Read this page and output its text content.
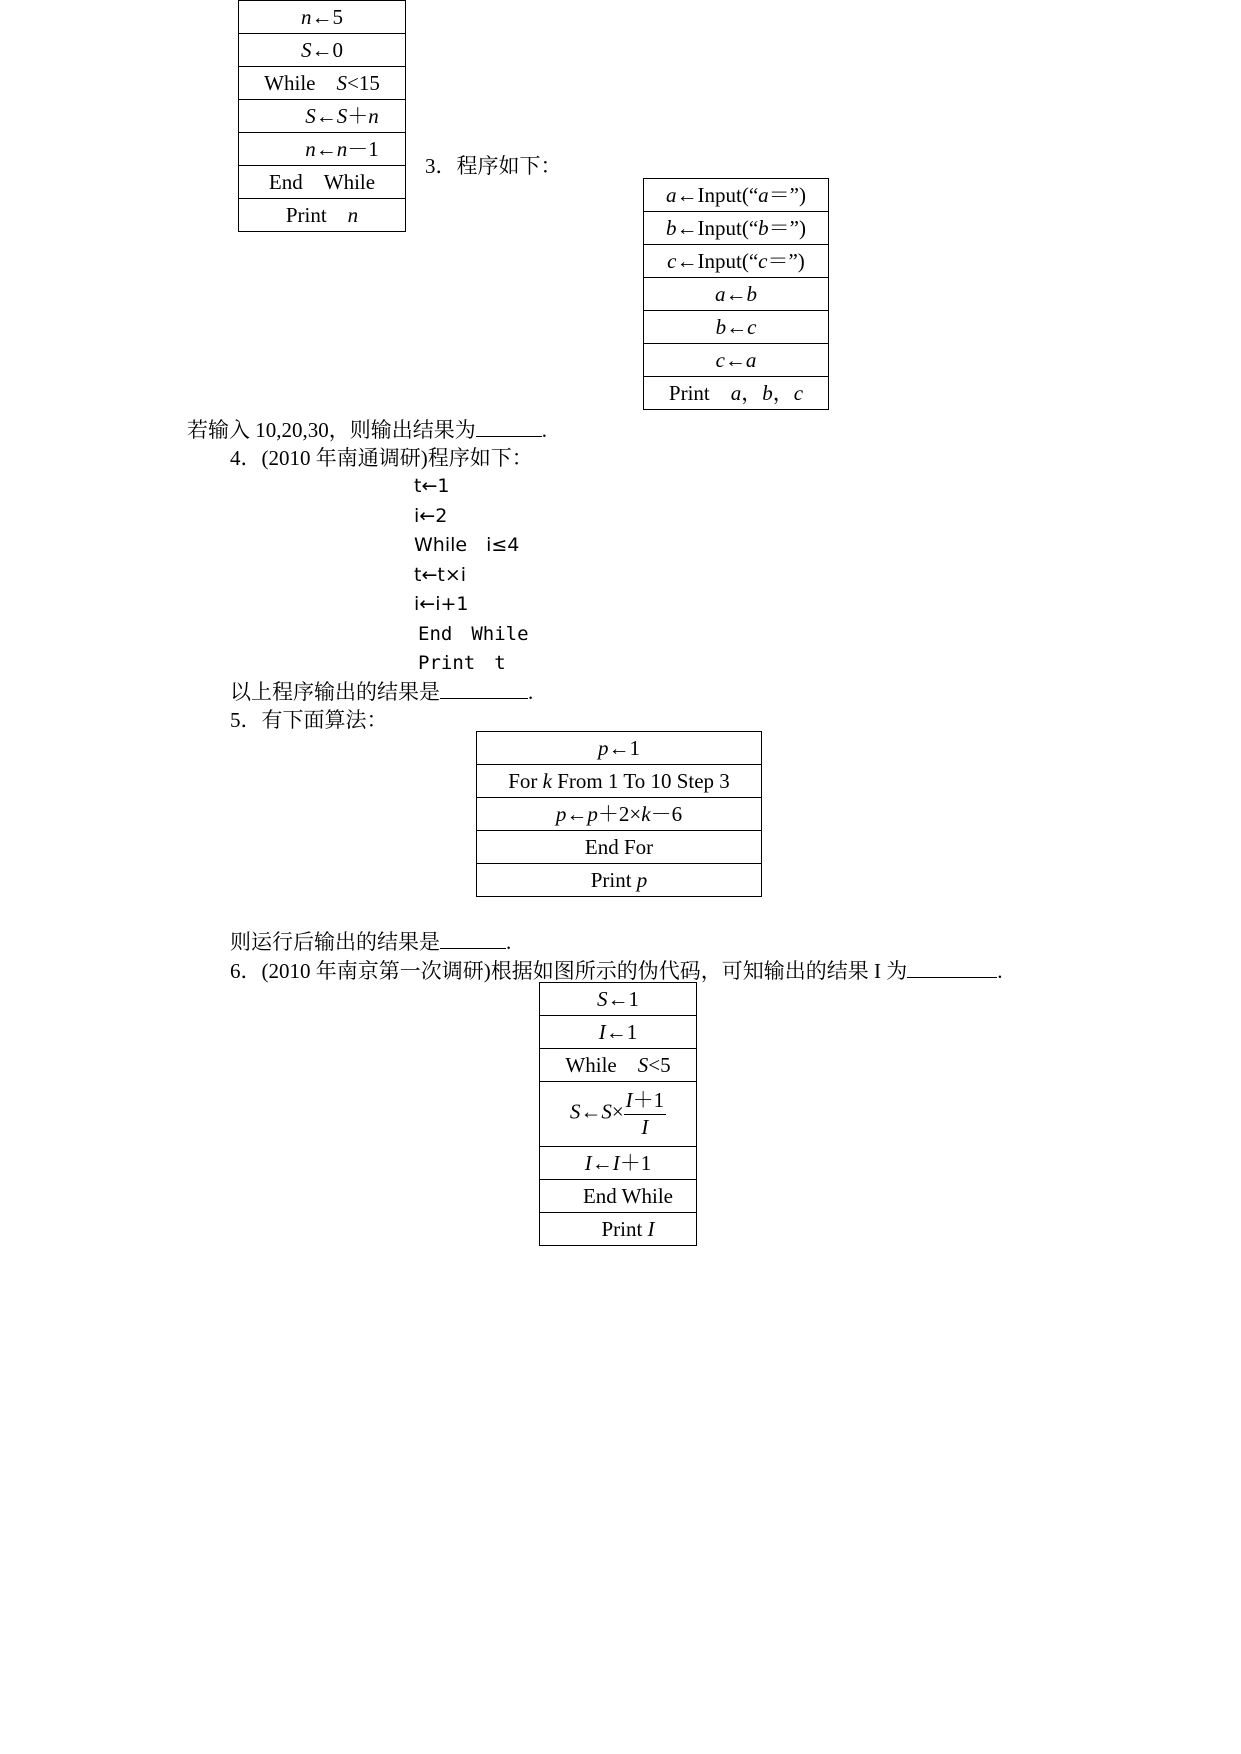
n←5
S←0
While　S<15
S←S＋n
n←n－1
End　While
Print　n
3．程序如下：
a←Input(“a＝”)
b←Input(“b＝”)
c←Input(“c＝”)
a←b
b←c
c←a
Print　a，b，c
若输入 10,20,30，则输出结果为	.
4．(2010 年南通调研)程序如下：
t←1
i←2
While　i≤4
t←t×i
i←i+1
End　While
Print　t
以上程序输出的结果是	.
5．有下面算法：
p←1
For k From 1 To 10 Step 3
p←p＋2×k－6
End For
Print p
则运行后输出的结果是	.
6．(2010 年南京第一次调研)根据如图所示的伪代码，可知输出的结果 I 为	.
S←1
I←1
While　S<5
S←S× $\frac{I+1}{I}$

I←I＋1
End While
Print I
